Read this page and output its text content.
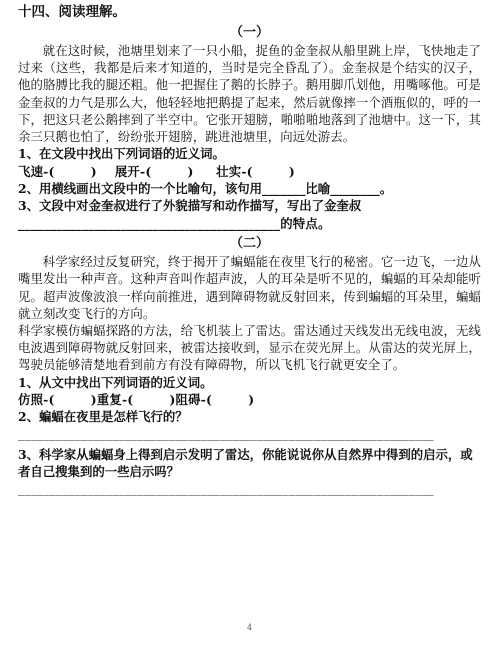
十四、阅读理解。

（一）

就在这时候，池塘里划来了一只小船，捉鱼的金奎叔从船里跳上岸，飞快地走了过来（这些，我都是后来才知道的，当时是完全昏乱了）。金奎叔是个结实的汉子，他的胳膊比我的腿还粗。他一把握住了鹅的长脖子。鹅用脚爪划他，用嘴啄他。可是金奎叔的力气是那么大，他轻轻地把鹅提了起来，然后就像摔一个酒瓶似的，呼的一下，把这只老公鹅摔到了半空中。它张开翅膀，啪啪啪地落到了池塘中。这一下，其余三只鹅也怕了，纷纷张开翅膀，跳进池塘里，向远处游去。

1、在文段中找出下列词语的近义词。

飞速-(        )    展开-(        )     壮实-(        )

2、用横线画出文段中的一个比喻句，该句用_______比喻________。

3、文段中对金奎叔进行了外貌描写和动作描写，写出了金奎叔

_________________________________________的特点。

（二）

科学家经过反复研究，终于揭开了蝙蝠能在夜里飞行的秘密。它一边飞，一边从嘴里发出一种声音。这种声音叫作超声波，人的耳朵是听不见的，蝙蝠的耳朵却能听见。超声波像波浪一样向前推进，遇到障碍物就反射回来，传到蝙蝠的耳朵里，蝙蝠就立刻改变飞行的方向。

科学家模仿蝙蝠探路的方法，给飞机装上了雷达。雷达通过天线发出无线电波，无线电波遇到障碍物就反射回来，被雷达接收到，显示在荧光屏上。从雷达的荧光屏上，驾驶员能够清楚地看到前方有没有障碍物，所以飞机飞行就更安全了。

1、从文中找出下列词语的近义词。

仿照-(        )重复-(        )阻碍-(        )

2、蝙蝠在夜里是怎样飞行的？

__________________________________________________________________

3、科学家从蝙蝠身上得到启示发明了雷达，你能说说你从自然界中得到的启示，或者自己搜集到的一些启示吗？

__________________________________________________________________

4
